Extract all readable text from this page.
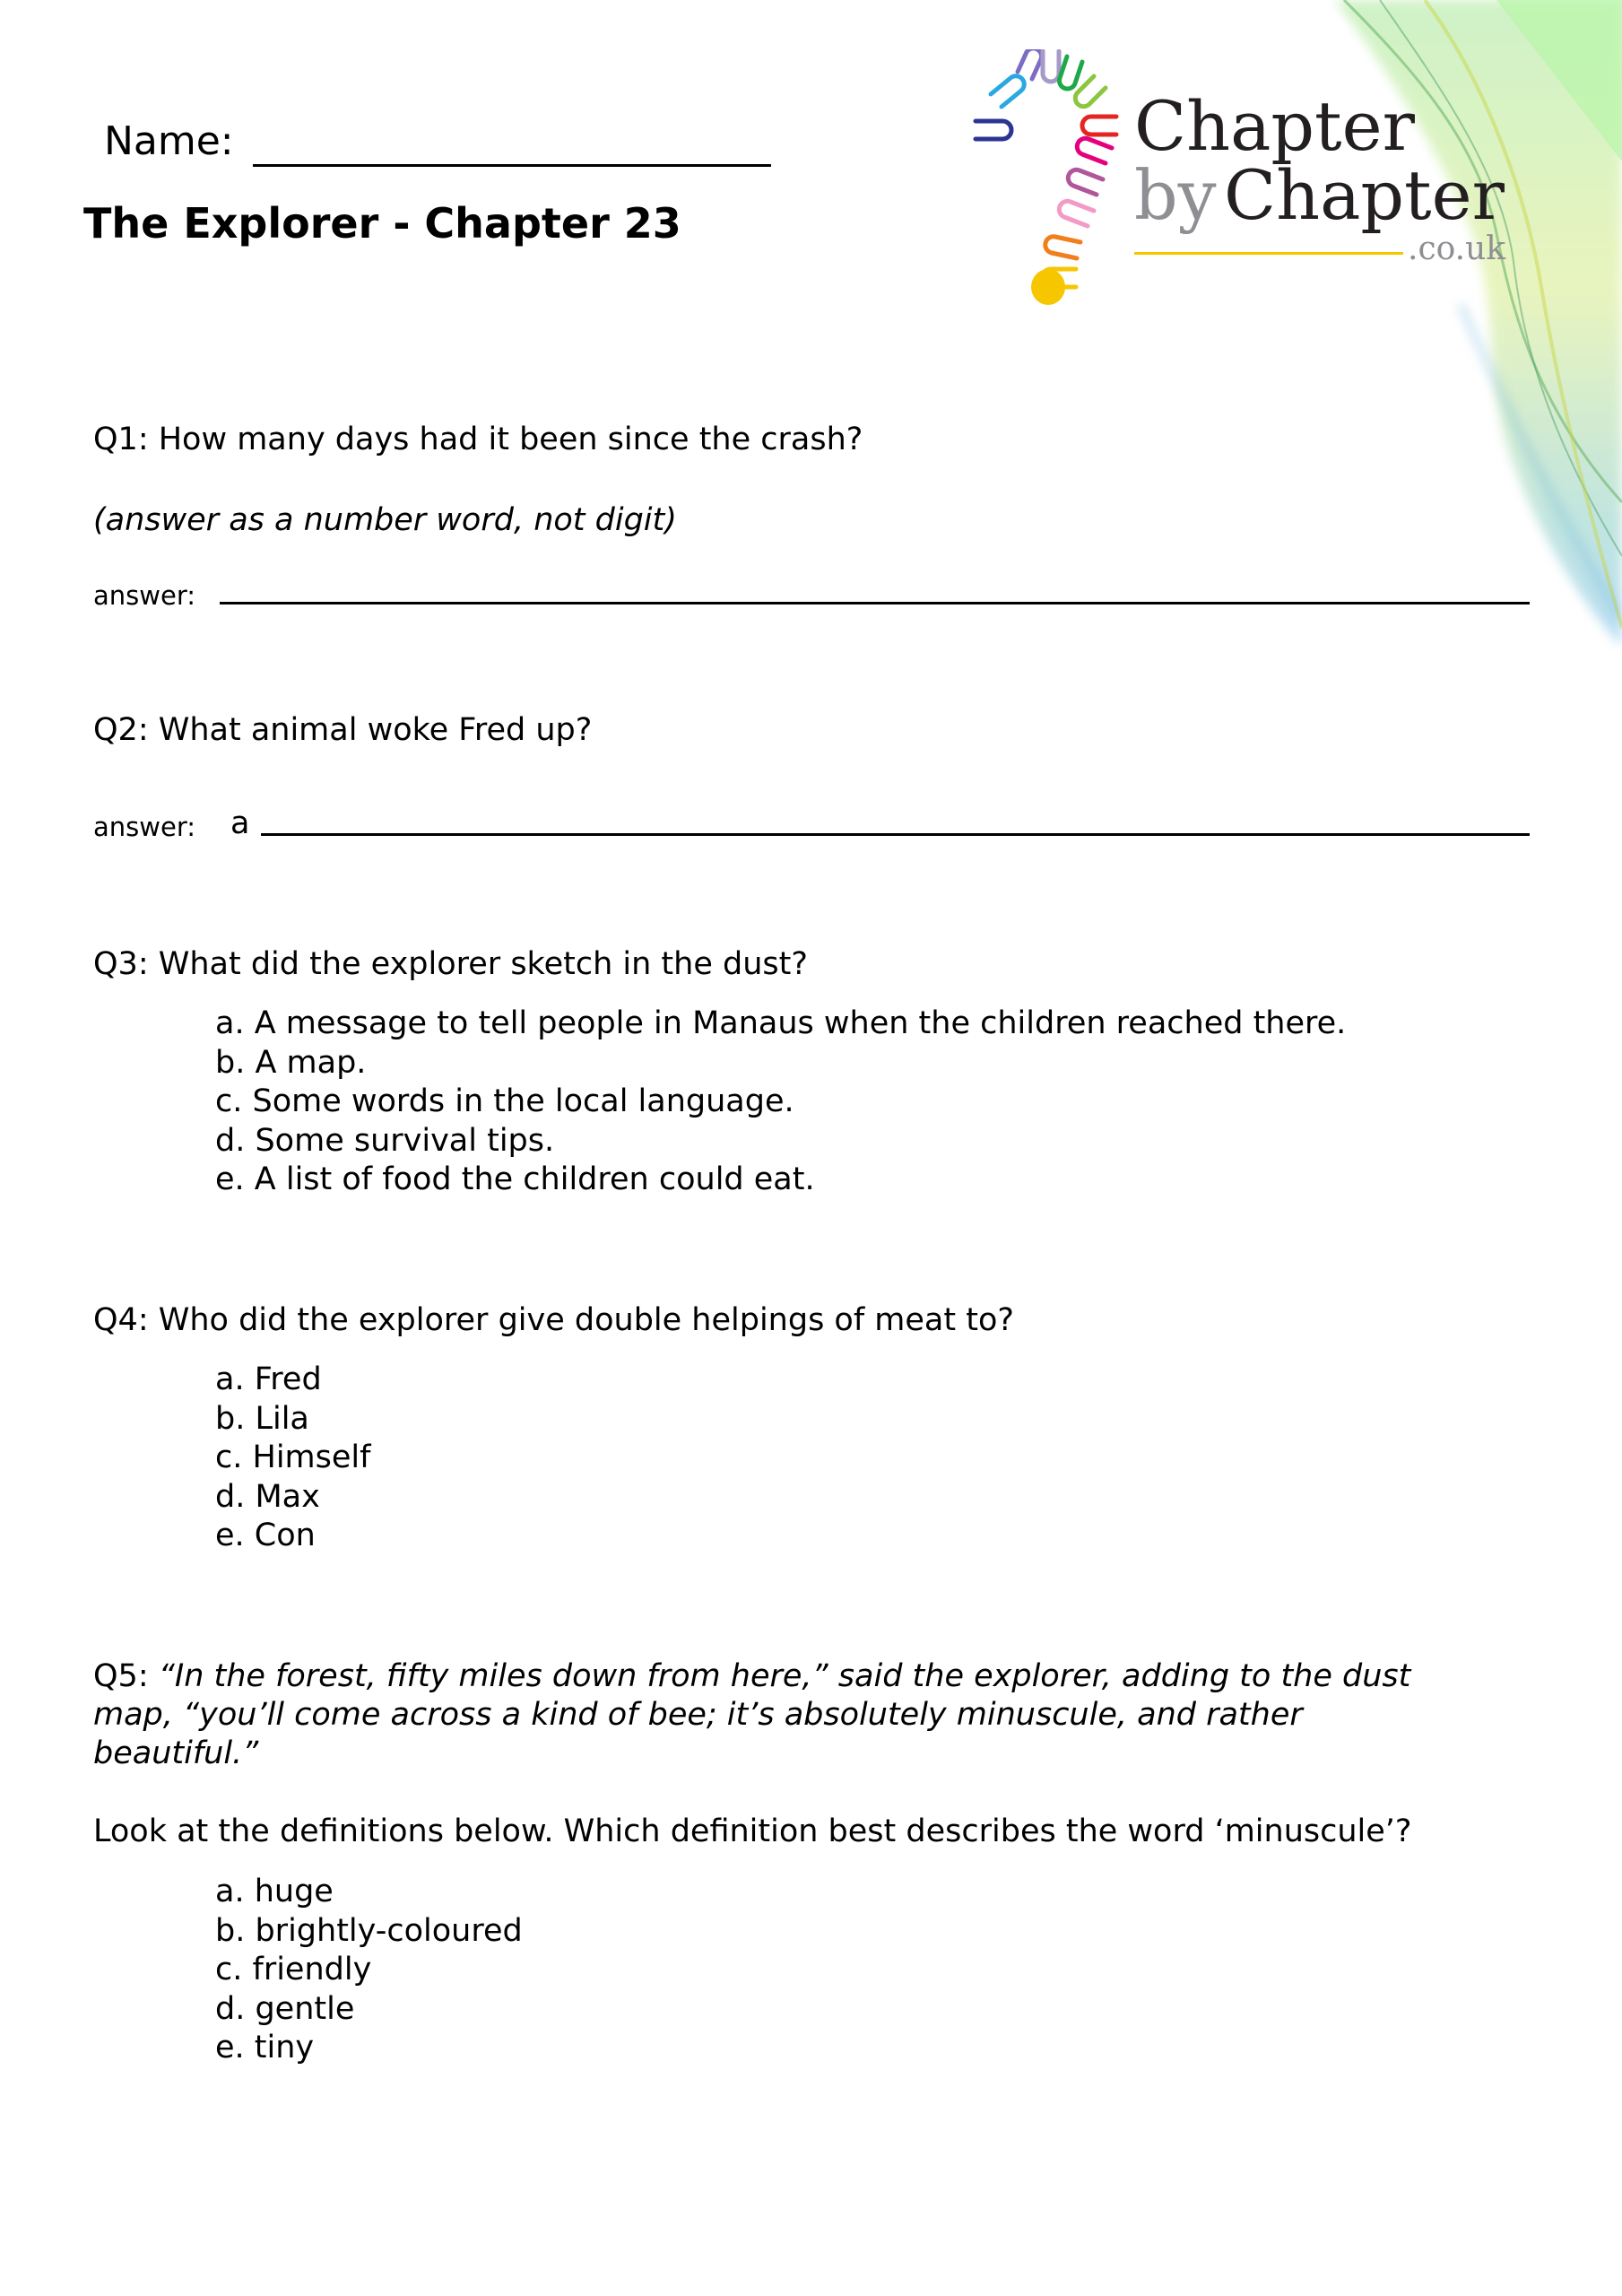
Chapter
by Chapter
.co.uk
Name:
The Explorer - Chapter 23
Q1: How many days had it been since the crash?
(answer as a number word, not digit)
answer:
Q2: What animal woke Fred up?
answer: a
Q3: What did the explorer sketch in the dust?
a. A message to tell people in Manaus when the children reached there.
b. A map.
c. Some words in the local language.
d. Some survival tips.
e. A list of food the children could eat.
Q4: Who did the explorer give double helpings of meat to?
a. Fred
b. Lila
c. Himself
d. Max
e. Con
Q5: “In the forest, fifty miles down from here,” said the explorer, adding to the dust
map, “you’ll come across a kind of bee; it’s absolutely minuscule, and rather
beautiful.”
Look at the definitions below. Which definition best describes the word ‘minuscule’?
a. huge
b. brightly-coloured
c. friendly
d. gentle
e. tiny
